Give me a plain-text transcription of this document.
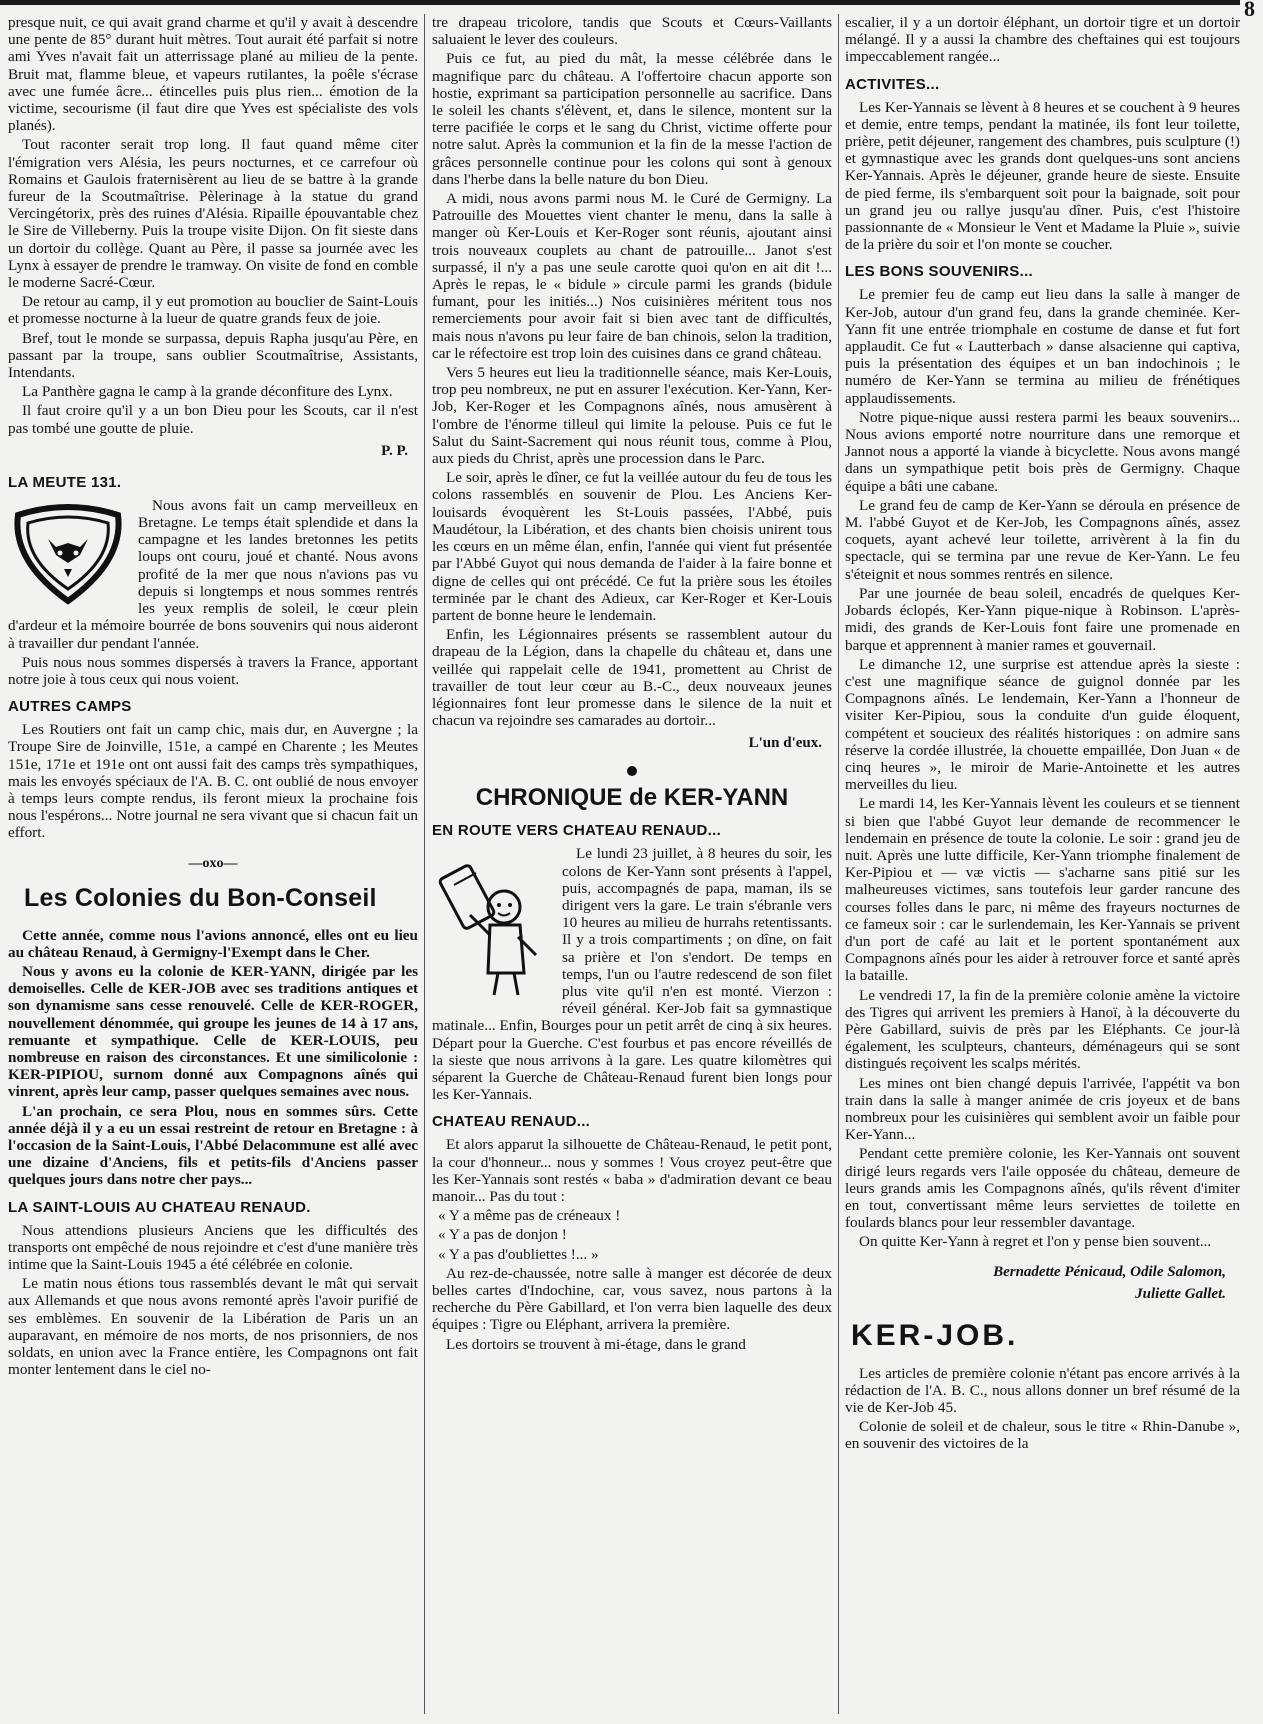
8

presque nuit, ce qui avait grand charme et qu'il y avait à descendre une pente de 85° durant huit mètres. Tout aurait été parfait si notre ami Yves n'avait fait un atterrissage plané au milieu de la pente. Bruit mat, flamme bleue, et vapeurs rutilantes, la poêle s'écrase avec une fumée âcre... étincelles puis plus rien... émotion de la victime, secourisme (il faut dire que Yves est spécialiste des vols planés).

Tout raconter serait trop long. Il faut quand même citer l'émigration vers Alésia, les peurs nocturnes, et ce carrefour où Romains et Gaulois fraternisèrent au lieu de se battre à la grande fureur de la Scoutmaîtrise. Pèlerinage à la statue du grand Vercingétorix, près des ruines d'Alésia. Ripaille épouvantable chez le Sire de Villeberny. Puis la troupe visite Dijon. On fit sieste dans un dortoir du collège. Quant au Père, il passe sa journée avec les Lynx à essayer de prendre le tramway. On visite de fond en comble le moderne Sacré-Cœur.

De retour au camp, il y eut promotion au bouclier de Saint-Louis et promesse nocturne à la lueur de quatre grands feux de joie.

Bref, tout le monde se surpassa, depuis Rapha jusqu'au Père, en passant par la troupe, sans oublier Scoutmaîtrise, Assistants, Intendants.

La Panthère gagna le camp à la grande déconfiture des Lynx.

Il faut croire qu'il y a un bon Dieu pour les Scouts, car il n'est pas tombé une goutte de pluie.

P. P.
LA MEUTE 131.

Nous avons fait un camp merveilleux en Bretagne. Le temps était splendide et dans la campagne et les landes bretonnes les petits loups ont couru, joué et chanté. Nous avons profité de la mer que nous n'avions pas vu depuis si longtemps et nous sommes rentrés les yeux remplis de soleil, le cœur plein d'ardeur et la mémoire bourrée de bons souvenirs qui nous aideront à travailler dur pendant l'année.

Puis nous nous sommes dispersés à travers la France, apportant notre joie à tous ceux qui nous voient.

AUTRES CAMPS

Les Routiers ont fait un camp chic, mais dur, en Auvergne ; la Troupe Sire de Joinville, 151e, a campé en Charente ; les Meutes 151e, 171e et 191e ont ont aussi fait des camps très sympathiques, mais les envoyés spéciaux de l'A. B. C. ont oublié de nous envoyer à temps leurs compte rendus, ils feront mieux la prochaine fois nous l'espérons... Notre journal ne sera vivant que si chacun fait un effort.

—oxo—
Les Colonies du Bon-Conseil

Cette année, comme nous l'avions annoncé, elles ont eu lieu au château Renaud, à Germigny-l'Exempt dans le Cher.

Nous y avons eu la colonie de KER-YANN, dirigée par les demoiselles. Celle de KER-JOB avec ses traditions antiques et son dynamisme sans cesse renouvelé. Celle de KER-ROGER, nouvellement dénommée, qui groupe les jeunes de 14 à 17 ans, remuante et sympathique. Celle de KER-LOUIS, peu nombreuse en raison des circonstances. Et une similicolonie : KER-PIPIOU, surnom donné aux Compagnons aînés qui vinrent, après leur camp, passer quelques semaines avec nous.

L'an prochain, ce sera Plou, nous en sommes sûrs. Cette année déjà il y a eu un essai restreint de retour en Bretagne : à l'occasion de la Saint-Louis, l'Abbé Delacommune est allé avec une dizaine d'Anciens, fils et petits-fils d'Anciens passer quelques jours dans notre cher pays...

LA SAINT-LOUIS AU CHATEAU RENAUD.

Nous attendions plusieurs Anciens que les difficultés des transports ont empêché de nous rejoindre et c'est d'une manière très intime que la Saint-Louis 1945 a été célébrée en colonie.

Le matin nous étions tous rassemblés devant le mât qui servait aux Allemands et que nous avons remonté après l'avoir purifié de ses emblèmes. En souvenir de la Libération de Paris un an auparavant, en mémoire de nos morts, de nos prisonniers, de nos soldats, en union avec la France entière, les Compagnons ont fait monter lentement dans le ciel no-

tre drapeau tricolore, tandis que Scouts et Cœurs-Vaillants saluaient le lever des couleurs.

Puis ce fut, au pied du mât, la messe célébrée dans le magnifique parc du château. A l'offertoire chacun apporte son hostie, exprimant sa participation personnelle au sacrifice. Dans le soleil les chants s'élèvent, et, dans le silence, montent sur la terre pacifiée le corps et le sang du Christ, victime offerte pour notre salut. Après la communion et la fin de la messe l'action de grâces personnelle continue pour les colons qui sont à genoux dans l'herbe dans la belle nature du bon Dieu.

A midi, nous avons parmi nous M. le Curé de Germigny. La Patrouille des Mouettes vient chanter le menu, dans la salle à manger où Ker-Louis et Ker-Roger sont réunis, ajoutant ainsi trois nouveaux couplets au chant de patrouille... Janot s'est surpassé, il n'y a pas une seule carotte quoi qu'on en ait dit !... Après le repas, le « bidule » circule parmi les grands (bidule fumant, pour les initiés...) Nos cuisinières méritent tous nos remerciements pour avoir fait si bien avec tant de difficultés, mais nous n'avons pu leur faire de ban chinois, selon la tradition, car le réfectoire est trop loin des cuisines dans ce grand château.

Vers 5 heures eut lieu la traditionnelle séance, mais Ker-Louis, trop peu nombreux, ne put en assurer l'exécution. Ker-Yann, Ker-Job, Ker-Roger et les Compagnons aînés, nous amusèrent à l'ombre de l'énorme tilleul qui limite la pelouse. Puis ce fut le Salut du Saint-Sacrement qui nous réunit tous, comme à Plou, aux pieds du Christ, après une procession dans le Parc.

Le soir, après le dîner, ce fut la veillée autour du feu de tous les colons rassemblés en souvenir de Plou. Les Anciens Ker-louisards évoquèrent les St-Louis passées, l'Abbé, puis Maudétour, la Libération, et des chants bien choisis unirent tous les cœurs en un même élan, enfin, l'année qui vient fut présentée par l'Abbé Guyot qui nous demanda de l'aider à la faire bonne et digne de celles qui ont précédé. Ce fut la prière sous les étoiles terminée par le chant des Adieux, car Ker-Roger et Ker-Louis partent de bonne heure le lendemain.

Enfin, les Légionnaires présents se rassemblent autour du drapeau de la Légion, dans la chapelle du château et, dans une veillée qui rappelait celle de 1941, promettent au Christ de travailler de tout leur cœur au B.-C., deux nouveaux jeunes légionnaires font leur promesse dans le silence de la nuit et chacun va rejoindre ses camarades au dortoir...

L'un d'eux.
CHRONIQUE de KER-YANN
EN ROUTE VERS CHATEAU RENAUD...

Le lundi 23 juillet, à 8 heures du soir, les colons de Ker-Yann sont présents à l'appel, puis, accompagnés de papa, maman, ils se dirigent vers la gare. Le train s'ébranle vers 10 heures au milieu de hurrahs retentissants. Il y a trois compartiments ; on dîne, on fait sa prière et l'on s'endort. De temps en temps, l'un ou l'autre redescend de son filet plus vite qu'il n'en est monté. Vierzon : réveil général. Ker-Job fait sa gymnastique matinale... Enfin, Bourges pour un petit arrêt de cinq à six heures. Départ pour la Guerche. C'est fourbus et pas encore réveillés de la sieste que nous arrivons à la gare. Les quatre kilomètres qui séparent la Guerche de Château-Renaud furent bien longs pour les Ker-Yannais.

CHATEAU RENAUD...

Et alors apparut la silhouette de Château-Renaud, le petit pont, la cour d'honneur... nous y sommes ! Vous croyez peut-être que les Ker-Yannais sont restés « baba » d'admiration devant ce beau manoir... Pas du tout :

« Y a même pas de créneaux !

« Y a pas de donjon !

« Y a pas d'oubliettes !... »

Au rez-de-chaussée, notre salle à manger est décorée de deux belles cartes d'Indochine, car, vous savez, nous partons à la recherche du Père Gabillard, et l'on verra bien laquelle des deux équipes : Tigre ou Eléphant, arrivera la première.

Les dortoirs se trouvent à mi-étage, dans le grand

escalier, il y a un dortoir éléphant, un dortoir tigre et un dortoir mélangé. Il y a aussi la chambre des cheftaines qui est toujours impeccablement rangée...

ACTIVITES...

Les Ker-Yannais se lèvent à 8 heures et se couchent à 9 heures et demie, entre temps, pendant la matinée, ils font leur toilette, prière, petit déjeuner, rangement des chambres, puis sculpture (!) et gymnastique avec les grands dont quelques-uns sont anciens Ker-Yannais. Après le déjeuner, grande heure de sieste. Ensuite de pied ferme, ils s'embarquent soit pour la baignade, soit pour un grand jeu ou rallye jusqu'au dîner. Puis, c'est l'histoire passionnante de « Monsieur le Vent et Madame la Pluie », suivie de la prière du soir et l'on monte se coucher.

LES BONS SOUVENIRS...

Le premier feu de camp eut lieu dans la salle à manger de Ker-Job, autour d'un grand feu, dans la grande cheminée. Ker-Yann fit une entrée triomphale en costume de danse et fut fort applaudit. Ce fut « Lautterbach » danse alsacienne qui captiva, puis la présentation des équipes et un ban indochinois ; le numéro de Ker-Yann se termina au milieu de frénétiques applaudissements.

Notre pique-nique aussi restera parmi les beaux souvenirs... Nous avions emporté notre nourriture dans une remorque et Jannot nous a apporté la viande à bicyclette. Nous avons mangé dans un sympathique petit bois près de Germigny. Chaque équipe a bâti une cabane.

Le grand feu de camp de Ker-Yann se déroula en présence de M. l'abbé Guyot et de Ker-Job, les Compagnons aînés, assez coquets, ayant achevé leur toilette, arrivèrent à la fin du spectacle, qui se termina par une revue de Ker-Yann. Le feu s'éteignit et nous sommes rentrés en silence.

Par une journée de beau soleil, encadrés de quelques Ker-Jobards éclopés, Ker-Yann pique-nique à Robinson. L'après-midi, des grands de Ker-Louis font faire une promenade en barque et apprennent à manier rames et gouvernail.

Le dimanche 12, une surprise est attendue après la sieste : c'est une magnifique séance de guignol donnée par les Compagnons aînés. Le lendemain, Ker-Yann a l'honneur de visiter Ker-Pipiou, sous la conduite d'un guide éloquent, compétent et soucieux des réalités historiques : on admire sans réserve la cordée illustrée, la chouette empaillée, Don Juan « de cinq heures », le miroir de Marie-Antoinette et les autres merveilles du lieu.

Le mardi 14, les Ker-Yannais lèvent les couleurs et se tiennent si bien que l'abbé Guyot leur demande de recommencer le lendemain en présence de toute la colonie. Le soir : grand jeu de nuit. Après une lutte difficile, Ker-Yann triomphe finalement de Ker-Pipiou et — væ victis — s'acharne sans pitié sur les malheureuses victimes, sans toutefois leur garder rancune des courses folles dans le parc, ni même des frayeurs nocturnes de ce fameux soir : car le surlendemain, les Ker-Yannais se privent d'un port de café au lait et le portent spontanément aux Compagnons aînés pour les aider à retrouver force et santé après la bataille.

Le vendredi 17, la fin de la première colonie amène la victoire des Tigres qui arrivent les premiers à Hanoï, à la découverte du Père Gabillard, suivis de près par les Eléphants. Ce jour-là également, les sculpteurs, chanteurs, déménageurs qui se sont distingués reçoivent les scalps mérités.

Les mines ont bien changé depuis l'arrivée, l'appétit va bon train dans la salle à manger animée de cris joyeux et de bans nombreux pour les cuisinières qui semblent avoir un faible pour Ker-Yann...

Pendant cette première colonie, les Ker-Yannais ont souvent dirigé leurs regards vers l'aile opposée du château, demeure de leurs grands amis les Compagnons aînés, qu'ils rêvent d'imiter en tout, convertissant même leurs serviettes de toilette en foulards blancs pour leur ressembler davantage.

On quitte Ker-Yann à regret et l'on y pense bien souvent...

Bernadette Pénicaud, Odile Salomon,
Juliette Gallet.
KER-JOB.

Les articles de première colonie n'étant pas encore arrivés à la rédaction de l'A. B. C., nous allons donner un bref résumé de la vie de Ker-Job 45.

Colonie de soleil et de chaleur, sous le titre « Rhin-Danube », en souvenir des victoires de la
